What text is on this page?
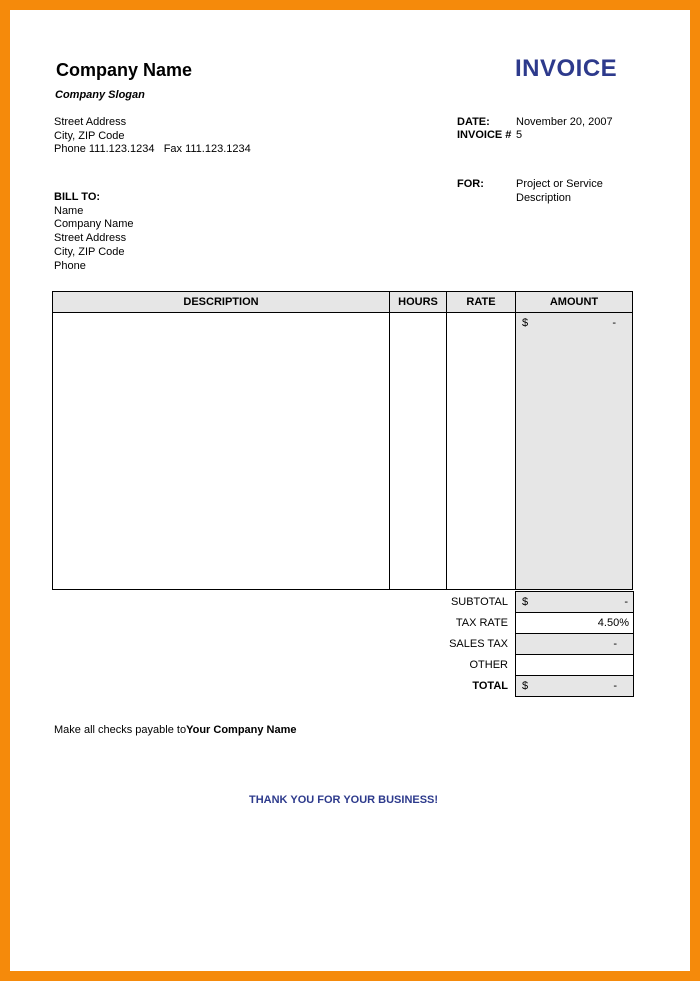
Company Name
Company Slogan
INVOICE
Street Address
City, ZIP Code
Phone 111.123.1234   Fax 111.123.1234
DATE: November 20, 2007
INVOICE # 5
FOR:	Project or Service
Description
BILL TO:
Name
Company Name
Street Address
City, ZIP Code
Phone
DESCRIPTION	HOURS	RATE	AMOUNT

			$ -
SUBTOTAL	$ -

TAX RATE	4.50%

SALES TAX	-

OTHER	

TOTAL	$ -
Make all checks payable toYour Company Name
THANK YOU FOR YOUR BUSINESS!
